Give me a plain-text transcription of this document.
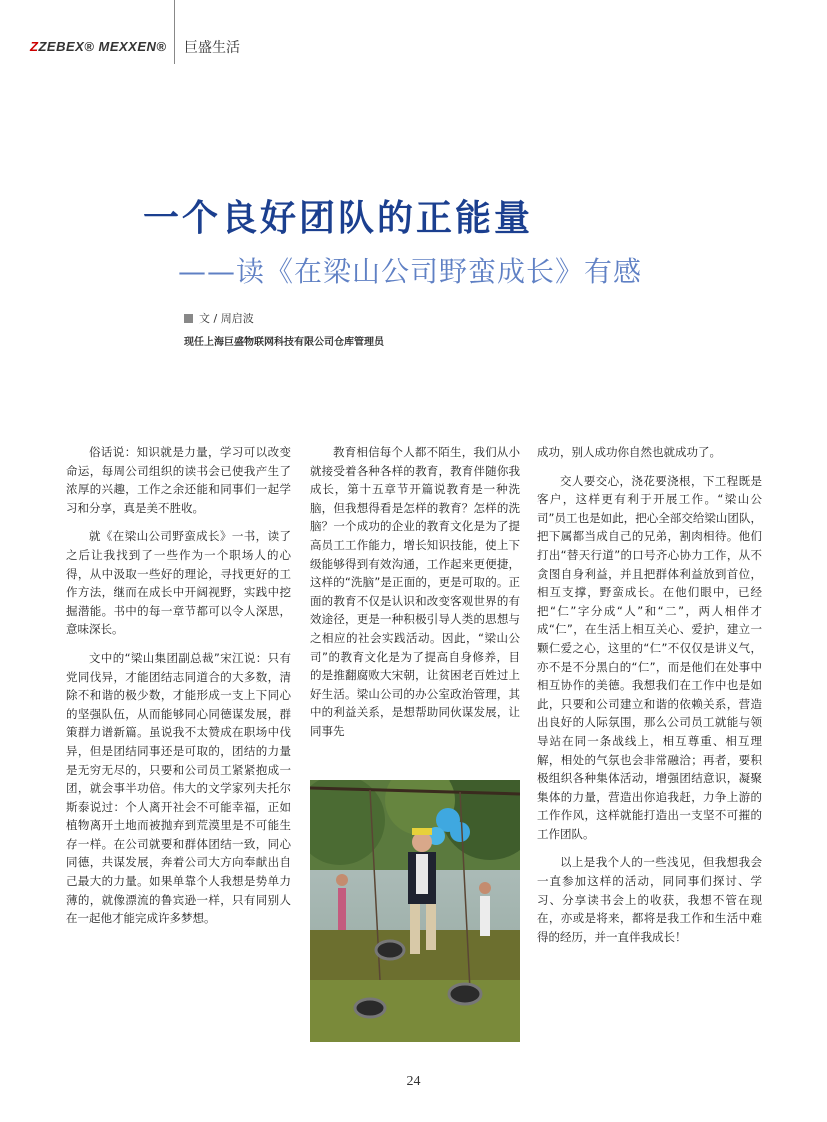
ZZEBEX® MEXXEN® 巨盛生活
一个良好团队的正能量
——读《在梁山公司野蛮成长》有感
文 / 周启波
现任上海巨盛物联网科技有限公司仓库管理员

俗话说：知识就是力量，学习可以改变命运，每周公司组织的读书会已使我产生了浓厚的兴趣，工作之余还能和同事们一起学习和分享，真是美不胜收。

就《在梁山公司野蛮成长》一书，读了之后让我找到了一些作为一个职场人的心得，从中汲取一些好的理论，寻找更好的工作方法，继而在成长中开阔视野，实践中挖掘潜能。书中的每一章节都可以令人深思，意味深长。

文中的“梁山集团副总裁”宋江说：只有党同伐异，才能团结志同道合的大多数，清除不和谐的极少数，才能形成一支上下同心的坚强队伍，从而能够同心同德谋发展，群策群力谱新篇。虽说我不太赞成在职场中伐异，但是团结同事还是可取的，团结的力量是无穷无尽的，只要和公司员工紧紧抱成一团，就会事半功倍。伟大的文学家列夫托尔斯泰说过：个人离开社会不可能幸福，正如植物离开土地而被抛弃到荒漠里是不可能生存一样。在公司就要和群体团结一致，同心同德，共谋发展，奔着公司大方向奉献出自己最大的力量。如果单靠个人我想是势单力薄的，就像漂流的鲁宾逊一样，只有同别人在一起他才能完成许多梦想。

教育相信每个人都不陌生，我们从小就接受着各种各样的教育，教育伴随你我成长，第十五章节开篇说教育是一种洗脑，但我想得看是怎样的教育？怎样的洗脑？一个成功的企业的教育文化是为了提高员工工作能力，增长知识技能，使上下级能够得到有效沟通，工作起来更便捷，这样的“洗脑”是正面的，更是可取的。正面的教育不仅是认识和改变客观世界的有效途径，更是一种积极引导人类的思想与之相应的社会实践活动。因此，“梁山公司”的教育文化是为了提高自身修养，目的是推翻腐败大宋朝，让贫困老百姓过上好生活。梁山公司的办公室政治管理，其中的利益关系，是想帮助同伙谋发展，让同事先

成功，别人成功你自然也就成功了。

交人要交心，浇花要浇根，下工程既是客户，这样更有利于开展工作。“梁山公司”员工也是如此，把心全部交给梁山团队，把下属都当成自己的兄弟，割肉相待。他们打出“替天行道”的口号齐心协力工作，从不贪图自身利益，并且把群体利益放到首位，相互支撑，野蛮成长。在他们眼中，已经把“仁”字分成“人”和“二”，两人相伴才成“仁”，在生活上相互关心、爱护，建立一颗仁爱之心，这里的“仁”不仅仅是讲义气，亦不是不分黑白的“仁”，而是他们在处事中相互协作的美德。我想我们在工作中也是如此，只要和公司建立和谐的依赖关系，营造出良好的人际氛围，那么公司员工就能与领导站在同一条战线上，相互尊重、相互理解，相处的气氛也会非常融洽；再者，要积极组织各种集体活动，增强团结意识，凝聚集体的力量，营造出你追我赶，力争上游的工作作风，这样就能打造出一支坚不可摧的工作团队。

以上是我个人的一些浅见，但我想我会一直参加这样的活动，同同事们探讨、学习、分享读书会上的收获，我想不管在现在，亦或是将来，都将是我工作和生活中难得的经历，并一直伴我成长！

24
